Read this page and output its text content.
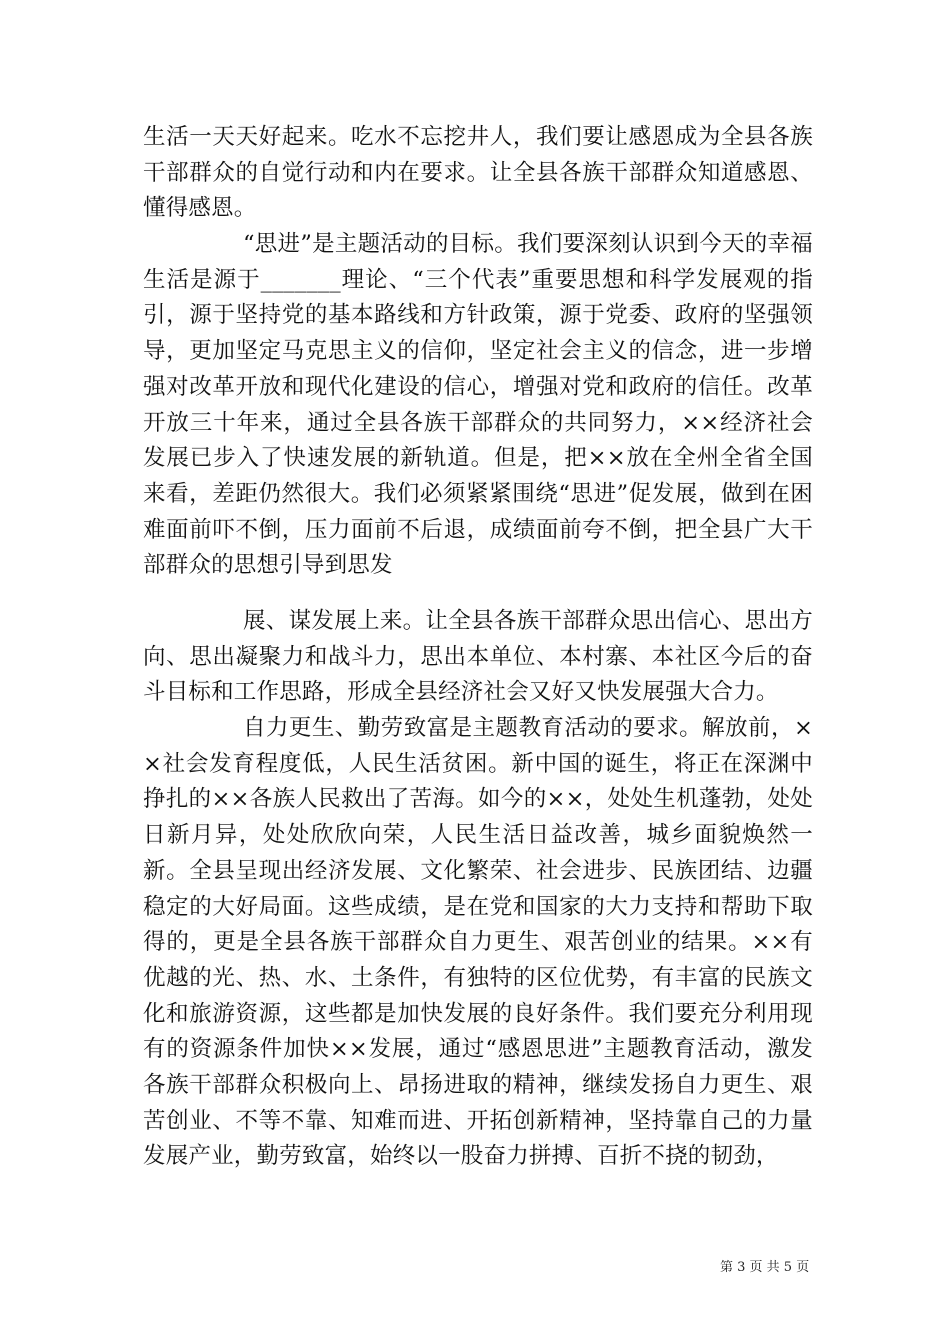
生活一天天好起来。吃水不忘挖井人，我们要让感恩成为全县各族干部群众的自觉行动和内在要求。让全县各族干部群众知道感恩、懂得感恩。

“思进”是主题活动的目标。我们要深刻认识到今天的幸福生活是源于_______理论、“三个代表”重要思想和科学发展观的指引，源于坚持党的基本路线和方针政策，源于党委、政府的坚强领导，更加坚定马克思主义的信仰，坚定社会主义的信念，进一步增强对改革开放和现代化建设的信心，增强对党和政府的信任。改革开放三十年来，通过全县各族干部群众的共同努力，××经济社会发展已步入了快速发展的新轨道。但是，把××放在全州全省全国来看，差距仍然很大。我们必须紧紧围绕“思进”促发展，做到在困难面前吓不倒，压力面前不后退，成绩面前夸不倒，把全县广大干部群众的思想引导到思发

展、谋发展上来。让全县各族干部群众思出信心、思出方向、思出凝聚力和战斗力，思出本单位、本村寨、本社区今后的奋斗目标和工作思路，形成全县经济社会又好又快发展强大合力。

自力更生、勤劳致富是主题教育活动的要求。解放前，××社会发育程度低，人民生活贫困。新中国的诞生，将正在深渊中挣扎的××各族人民救出了苦海。如今的××，处处生机蓬勃，处处日新月异，处处欣欣向荣，人民生活日益改善，城乡面貌焕然一新。全县呈现出经济发展、文化繁荣、社会进步、民族团结、边疆稳定的大好局面。这些成绩，是在党和国家的大力支持和帮助下取得的，更是全县各族干部群众自力更生、艰苦创业的结果。××有优越的光、热、水、土条件，有独特的区位优势，有丰富的民族文化和旅游资源，这些都是加快发展的良好条件。我们要充分利用现有的资源条件加快××发展，通过“感恩思进”主题教育活动，激发各族干部群众积极向上、昂扬进取的精神，继续发扬自力更生、艰苦创业、不等不靠、知难而进、开拓创新精神，坚持靠自己的力量发展产业，勤劳致富，始终以一股奋力拼搏、百折不挠的韧劲，

第 3 页 共 5 页
